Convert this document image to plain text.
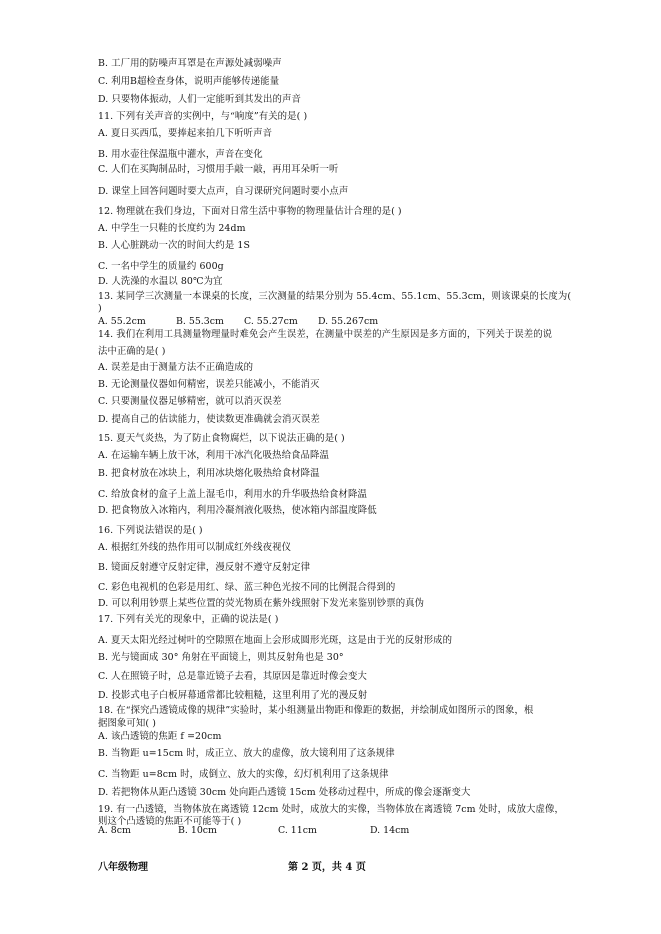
B. 工厂用的防噪声耳罩是在声源处减弱噪声
C. 利用B超检查身体，说明声能够传递能量
D. 只要物体振动，人们一定能听到其发出的声音
11. 下列有关声音的实例中，与“响度”有关的是( )
A. 夏日买西瓜，要捧起来拍几下听听声音
B. 用水壶往保温瓶中灌水，声音在变化
C. 人们在买陶制品时，习惯用手敲一敲，再用耳朵听一听
D. 课堂上回答问题时要大点声，自习课研究问题时要小点声
12. 物理就在我们身边，下面对日常生活中事物的物理量估计合理的是( )
A. 中学生一只鞋的长度约为 24dm
B. 人心脏跳动一次的时间大约是 1S
C. 一名中学生的质量约 600g
D. 人洗澡的水温以 80℃为宜
13. 某同学三次测量一本课桌的长度，三次测量的结果分别为 55.4cm、55.1cm、55.3cm，则该课桌的长度为(
)
14. 我们在利用工具测量物理量时难免会产生误差，在测量中误差的产生原因是多方面的，下列关于误差的说
法中正确的是( )
A. 误差是由于测量方法不正确造成的
B. 无论测量仪器如何精密，误差只能减小，不能消灭
C. 只要测量仪器足够精密，就可以消灭误差
D. 提高自己的估读能力，使读数更准确就会消灭误差
15. 夏天气炎热，为了防止食物腐烂，以下说法正确的是( )
A. 在运输车辆上放干冰，利用干冰汽化吸热给食品降温
B. 把食材放在冰块上，利用冰块熔化吸热给食材降温
C. 给放食材的盒子上盖上湿毛巾，利用水的升华吸热给食材降温
D. 把食物放入冰箱内，利用冷凝剂液化吸热，使冰箱内部温度降低
16. 下列说法错误的是( )
A. 根据红外线的热作用可以制成红外线夜视仪
B. 镜面反射遵守反射定律，漫反射不遵守反射定律
C. 彩色电视机的色彩是用红、绿、蓝三种色光按不同的比例混合得到的
D. 可以利用钞票上某些位置的荧光物质在紫外线照射下发光来鉴别钞票的真伪
17. 下列有关光的现象中，正确的说法是( )
A. 夏天太阳光经过树叶的空隙照在地面上会形成圆形光斑，这是由于光的反射形成的
B. 光与镜面成 30° 角射在平面镜上，则其反射角也是 30°
C. 人在照镜子时，总是靠近镜子去看，其原因是靠近时像会变大
D. 投影式电子白板屏幕通常都比较粗糙，这里利用了光的漫反射
18. 在“探究凸透镜成像的规律”实验时，某小组测量出物距和像距的数据，并绘制成如图所示的图象，根
据图象可知( )
A. 该凸透镜的焦距 f =20cm
B. 当物距 u=15cm 时，成正立、放大的虚像，放大镜利用了这条规律
C. 当物距 u=8cm 时，成倒立、放大的实像，幻灯机利用了这条规律
D. 若把物体从距凸透镜 30cm 处向距凸透镜 15cm 处移动过程中，所成的像会逐渐变大
19. 有一凸透镜，当物体放在离透镜 12cm 处时，成放大的实像，当物体放在离透镜 7cm 处时，成放大虚像，
则这个凸透镜的焦距不可能等于( )
A. 55.2cm	B. 55.3cm C. 55.27cm D. 55.267cm
A. 8cm	B. 10cm	C. 11cm	D. 14cm
八年级物理	第 2 页，共 4 页
